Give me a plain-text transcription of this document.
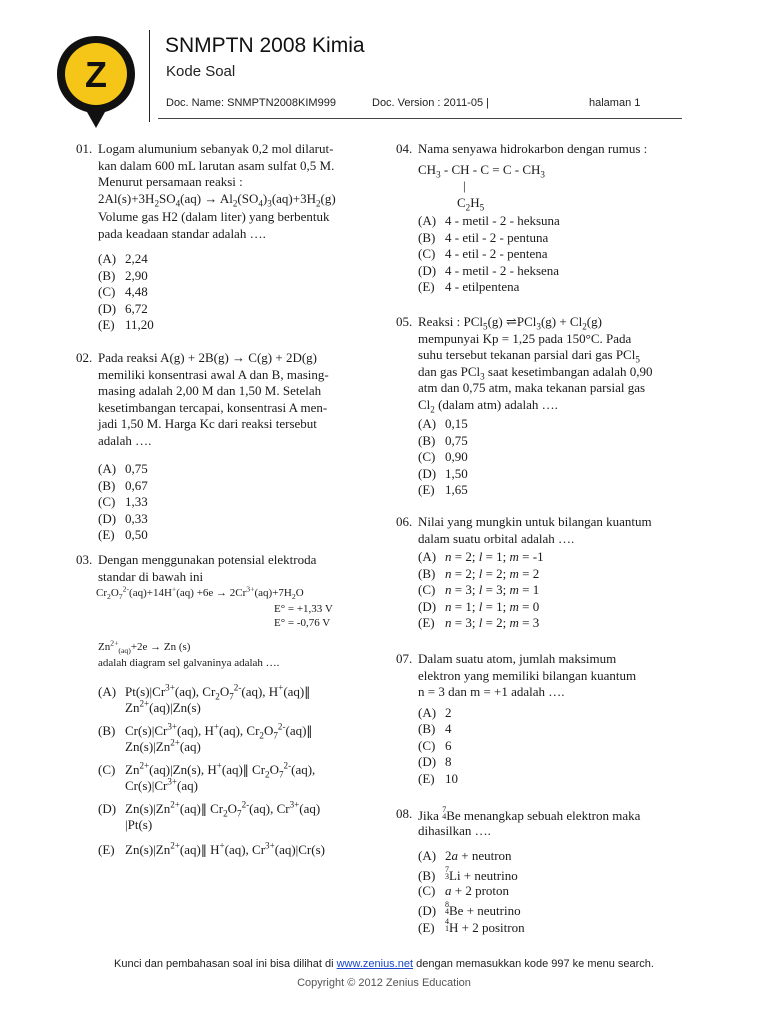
Z
SNMPTN 2008 Kimia
Kode Soal
Doc. Name: SNMPTN2008KIM999	Doc. Version : 2011-05 |	halaman 1
01. Logam alumunium sebanyak 0,2 mol dilarut-
kan dalam 600 mL larutan asam sulfat 0,5 M.
Menurut persamaan reaksi :
$2Al(s)+3H_2SO_4(aq) \to Al_2(SO_4)_3(aq)+3H_2(g)$
Volume gas H2 (dalam liter) yang berbentuk
pada keadaan standar adalah ….
(A) 2,24
(B) 2,90
(C) 4,48
(D) 6,72
(E) 11,20
02. Pada reaksi A(g) + 2B(g) → C(g) + 2D(g)
memiliki konsentrasi awal A dan B, masing-
masing adalah 2,00 M dan 1,50 M. Setelah
kesetimbangan tercapai, konsentrasi A men-
jadi 1,50 M. Harga Kc dari reaksi tersebut
adalah ….
(A) 0,75
(B) 0,67
(C) 1,33
(D) 0,33
(E) 0,50
03. Dengan menggunakan potensial elektroda
standar di bawah ini
$Cr_2O_7^{2-}(aq)+14H^+(aq) +6e \to 2Cr^{3+}(aq)+7H_2O$
E° = +1,33 V
E° = -0,76 V
$Zn^{2+}_{(aq)}+2e \to Zn$ (s)
adalah diagram sel galvaninya adalah ….
(A) $Pt(s)|Cr^{3+}(aq)$, $Cr_2O_7^{2-}(aq)$, H+(aq)‖
$Zn^{2+}(aq)|Zn(s)$
(B) $Cr(s)|Cr^{3+}(aq)$, H+(aq), $Cr_2O_7^{2-}(aq)‖$
$Zn(s)|Zn^{2+}(aq)$
(C) $Zn^{2+}(aq)|Zn(s)$, H+(aq)‖ $Cr_2O_7^{2-}(aq)$,
$Cr(s)|Cr^{3+}(aq)$
(D) $Zn(s)|Zn^{2+}(aq)‖$ $Cr_2O_7^{2-}(aq)$, $Cr^{3+}(aq)$
|Pt(s)
(E) $Zn(s)|Zn^{2+}(aq)‖$ H+(aq), $Cr^{3+}(aq)|Cr(s)$
04. Nama senyawa hidrokarbon dengan rumus :
$CH_3$ - CH - $C = C - CH_3$
|
$C_2H_5$
(A) 4 - metil - 2 - heksuna
(B) 4 - etil - 2 - pentuna
(C) 4 - etil - 2 - pentena
(D) 4 - metil - 2 - heksena
(E) 4 - etilpentena
05. Reaksi : PCl$_5$(g) ⇌PCl$_3$(g) + $Cl_2(g)$
mempunyai Kp = 1,25 pada 150°C. Pada
suhu tersebut tekanan parsial dari gas PCl$_5$
dan gas PCl$_3$ saat kesetimbangan adalah 0,90
atm dan 0,75 atm, maka tekanan parsial gas
$Cl_2$ (dalam atm) adalah ….
(A) 0,15
(B) 0,75
(C) 0,90
(D) 1,50
(E) 1,65
06. Nilai yang mungkin untuk bilangan kuantum
dalam suatu orbital adalah ….
(A) n = 2; l = 1; m = -1
(B) n = 2; l = 2; m = 2
(C) n = 3; l = 3; m = 1
(D) n = 1; l = 1; m = 0
(E) n = 3; l = 2; m = 3
07. Dalam suatu atom, jumlah maksimum
elektron yang memiliki bilangan kuantum
n = 3 dan m = +1 adalah ….
(A) 2
(B) 4
(C) 6
(D) 8
(E) 10
08. Jika 7
4Be menangkap sebuah elektron maka
dihasilkan ….
(A) 2a + neutron
(B) 7
3Li + neutrino
(C) a + 2 proton
(D) 8
4Be + neutrino
(E) 4
1H + 2 positron
Kunci dan pembahasan soal ini bisa dilihat di www.zenius.net dengan memasukkan kode 997 ke menu search.
Copyright © 2012 Zenius Education
